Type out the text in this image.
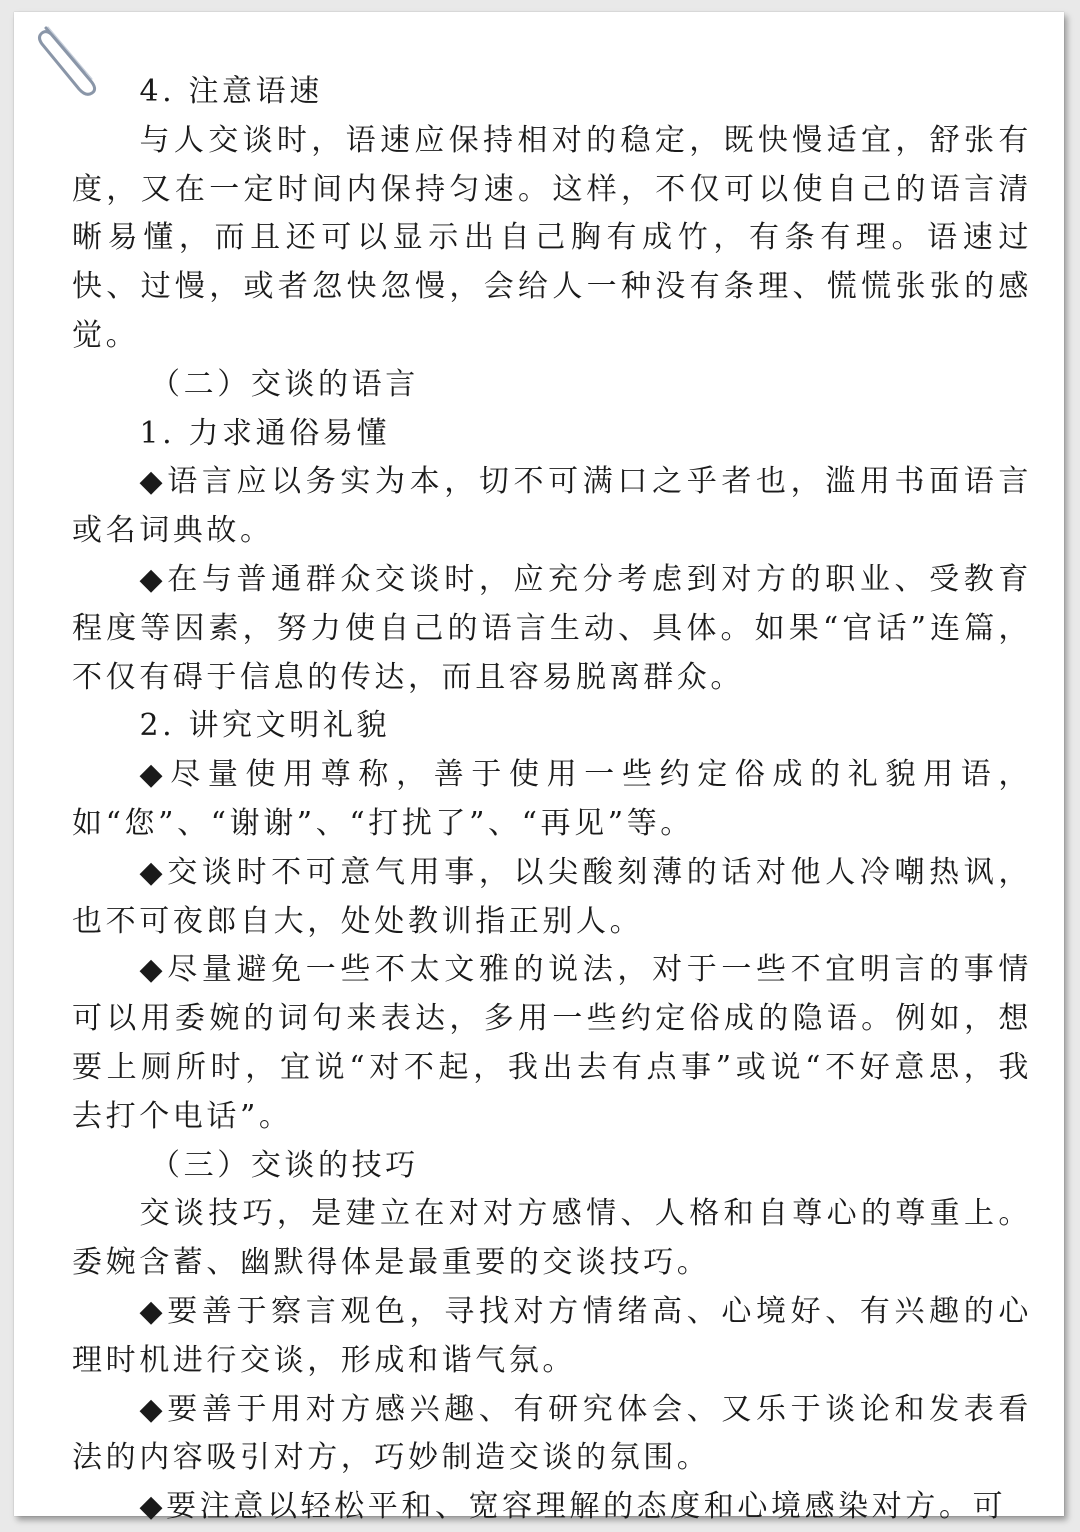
4. 注意语速
与人交谈时，语速应保持相对的稳定，既快慢适宜，舒张有度，又在一定时间内保持匀速。这样，不仅可以使自己的语言清晰易懂，而且还可以显示出自己胸有成竹，有条有理。语速过快、过慢，或者忽快忽慢，会给人一种没有条理、慌慌张张的感觉。
（二）交谈的语言
1. 力求通俗易懂
◆语言应以务实为本，切不可满口之乎者也，滥用书面语言或名词典故。
◆在与普通群众交谈时，应充分考虑到对方的职业、受教育程度等因素，努力使自己的语言生动、具体。如果“官话”连篇，不仅有碍于信息的传达，而且容易脱离群众。
2. 讲究文明礼貌
◆尽量使用尊称，善于使用一些约定俗成的礼貌用语，如“您”、“谢谢”、“打扰了”、“再见”等。
◆交谈时不可意气用事，以尖酸刻薄的话对他人冷嘲热讽，也不可夜郎自大，处处教训指正别人。
◆尽量避免一些不太文雅的说法，对于一些不宜明言的事情可以用委婉的词句来表达，多用一些约定俗成的隐语。例如，想要上厕所时，宜说“对不起，我出去有点事”或说“不好意思，我去打个电话”。
（三）交谈的技巧
交谈技巧，是建立在对对方感情、人格和自尊心的尊重上。委婉含蓄、幽默得体是最重要的交谈技巧。
◆要善于察言观色，寻找对方情绪高、心境好、有兴趣的心理时机进行交谈，形成和谐气氛。
◆要善于用对方感兴趣、有研究体会、又乐于谈论和发表看法的内容吸引对方，巧妙制造交谈的氛围。
◆要注意以轻松平和、宽容理解的态度和心境感染对方。可
